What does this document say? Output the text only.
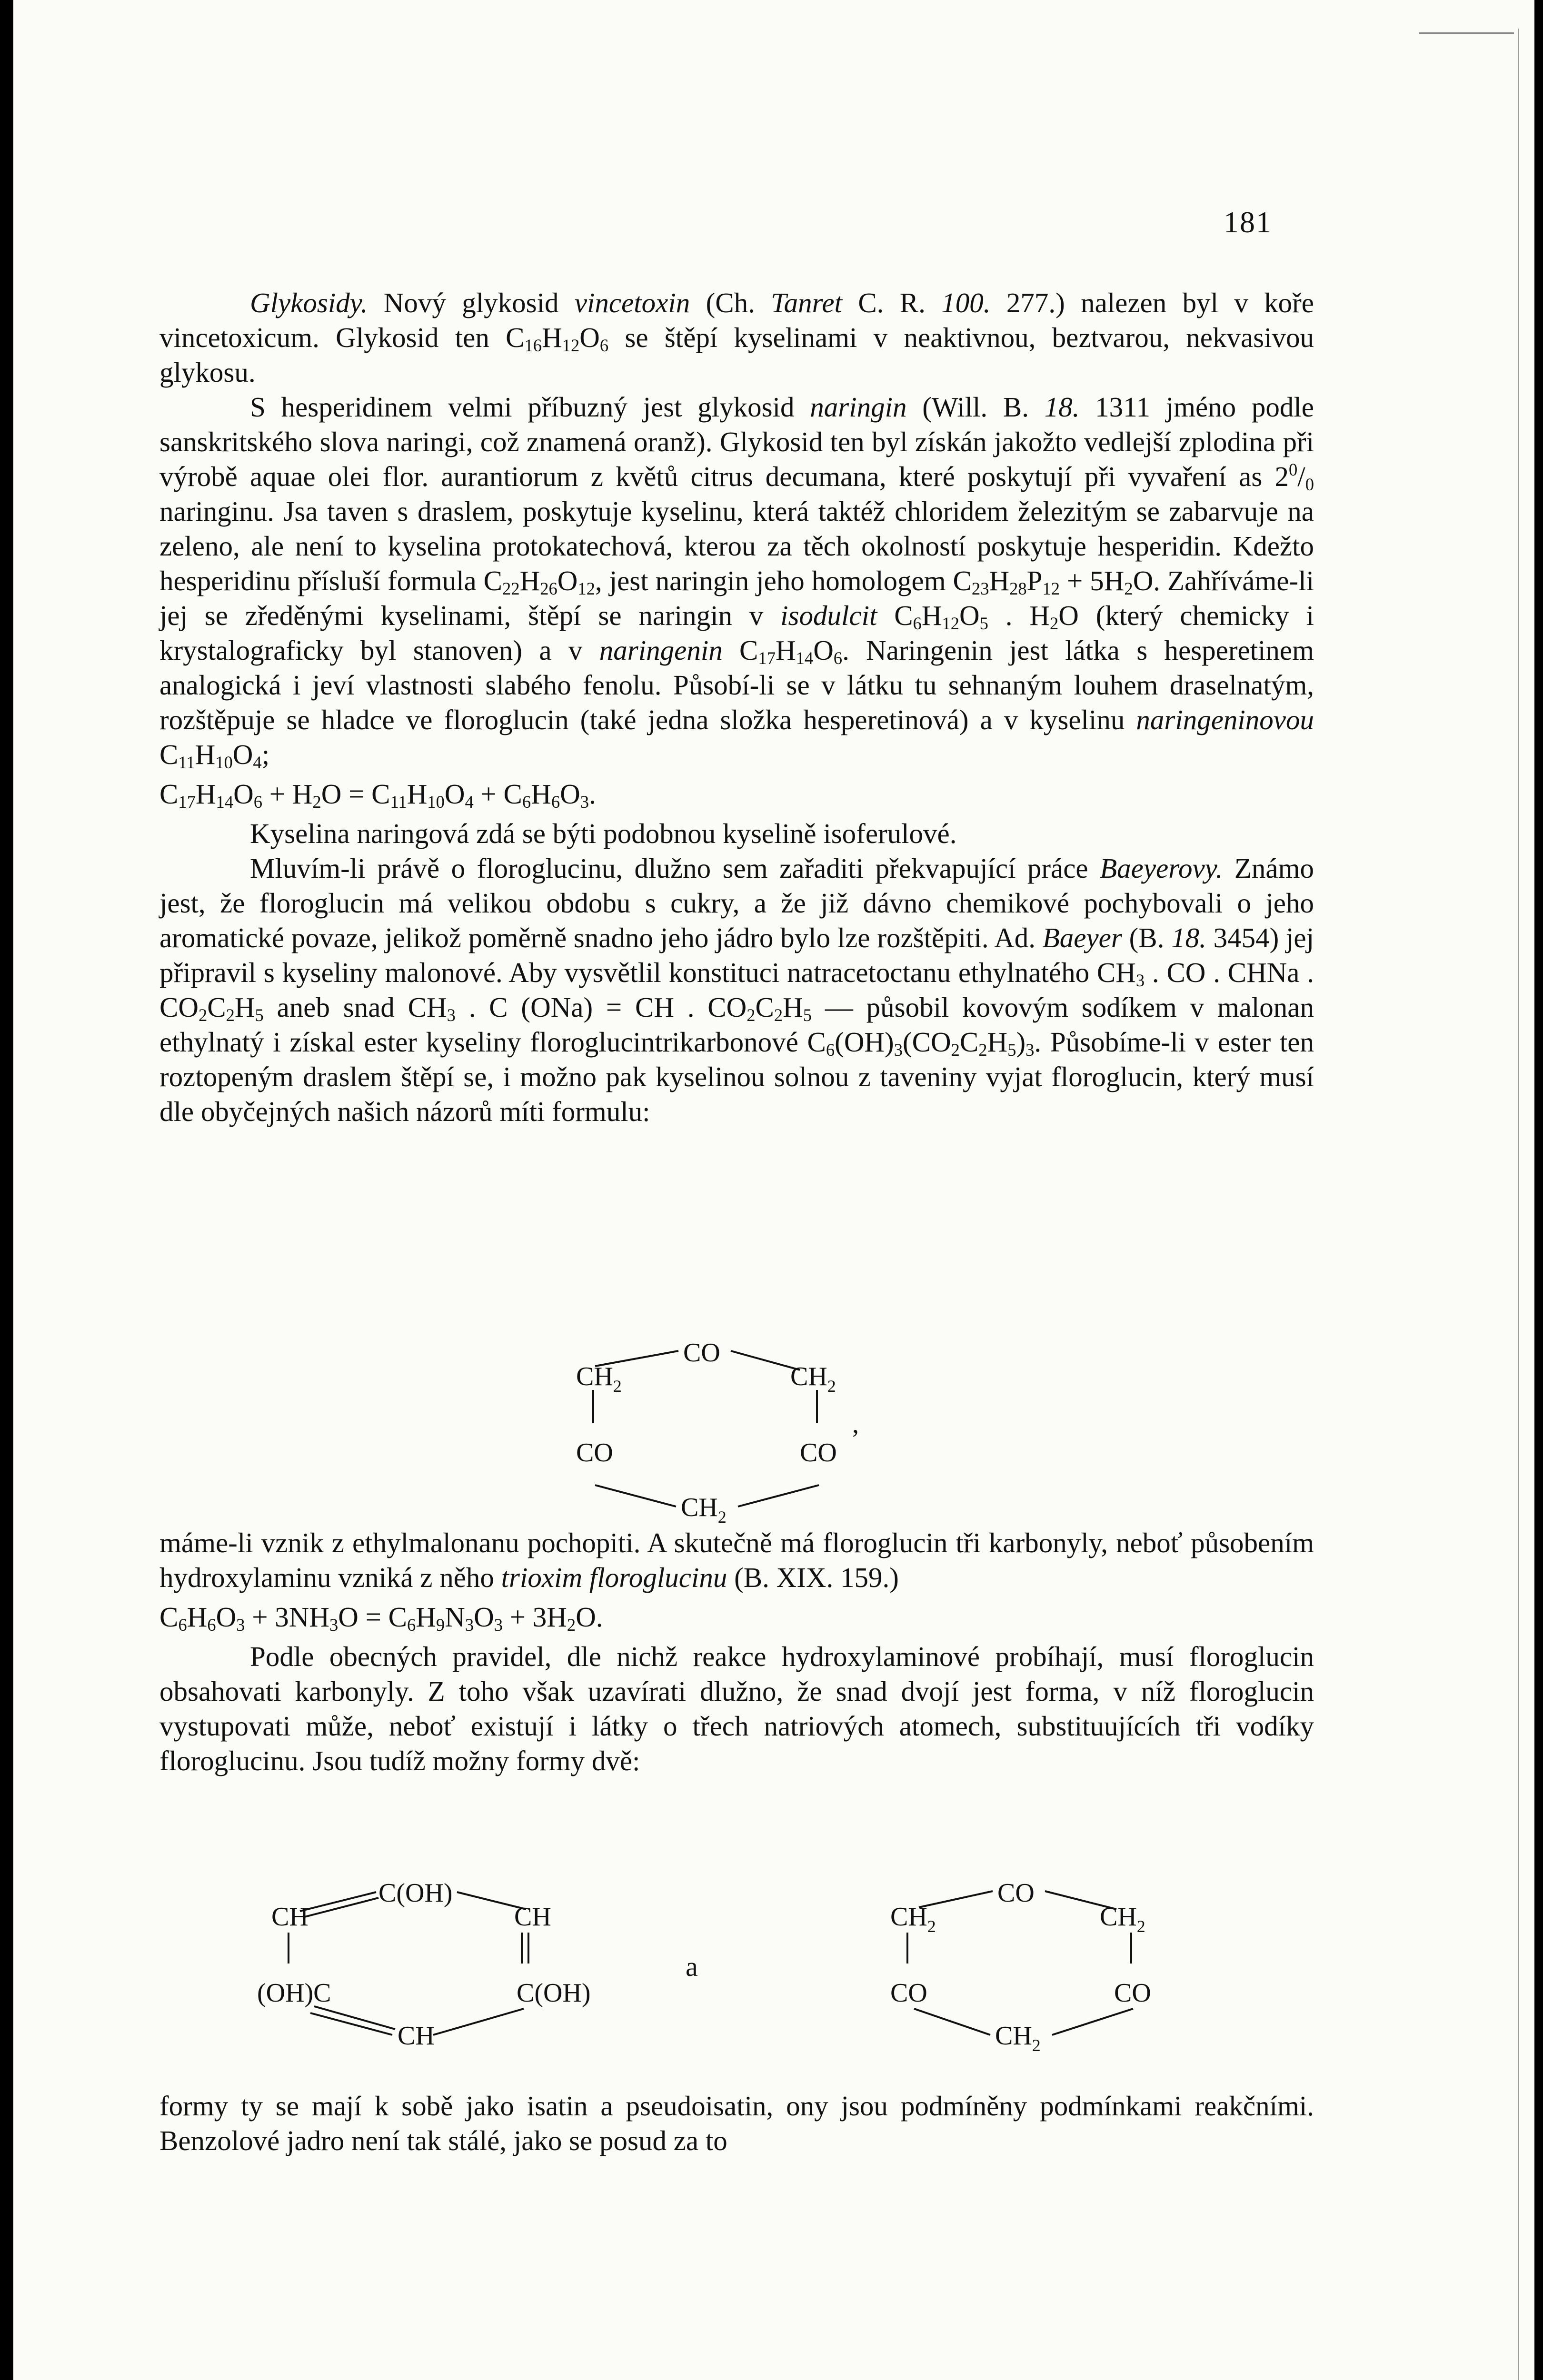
181

Glykosidy. Nový glykosid vincetoxin (Ch. Tanret C. R. 100. 277.) nalezen byl v kořе vincetoxicum. Glykosid ten $C_{16}H_{12}O_6$ se štěpí kyselinami v neaktivnou, beztvarou, nekvasivou glykosu.

S hesperidinem velmi příbuzný jest glykosid naringin (Will. B. 18. 1311 jméno podle sanskritského slova naringi, což znamená oranž). Glykosid ten byl získán jakožto vedlejší zplodina při výrobě aquae olei flor. aurantiorum z květů citrus decumana, které poskytují při vyvaření as $2^0/_0$ naringinu. Jsa taven s draslem, poskytuje kyselinu, která taktéž chloridem železitým se zabarvuje na zeleno, ale není to kyselina protokatechová, kterou za těch okolností poskytuje hesperidin. Kdežto hesperidinu přísluší formula $C_{22}H_{26}O_{12}$, jest naringin jeho homologem $C_{23}H_{28}P_{12} + 5H_2O$. Zahříváme-li jej se zředěnými kyselinami, štěpí se naringin v isodulcit $C_6H_{12}O_5$ . $H_2O$ (který chemicky i krystalograficky byl stanoven) a v naringenin $C_{17}H_{14}O_6$. Naringenin jest látka s hesperetinem analogická i jeví vlastnosti slabého fenolu. Působí-li se v látku tu sehnaným louhem draselnatým, rozštěpuje se hladce ve floroglucin (také jedna složka hesperetinová) a v kyselinu naringeninovou $C_{11}H_{10}O_4$;

$C_{17}H_{14}O_6 + H_2O = C_{11}H_{10}O_4 + C_6H_6O_3$.

Kyselina naringová zdá se býti podobnou kyselině isoferulové.

Mluvím-li právě o floroglucinu, dlužno sem zařaditi překvapující práce Baeyerovy. Známo jest, že floroglucin má velikou obdobu s cukry, a že již dávno chemikové pochybovali o jeho aromatické povaze, jelikož poměrně snadno jeho jádro bylo lze rozštěpiti. Ad. Baeyer (B. 18. 3454) jej připravil s kyseliny malonové. Aby vysvětlil konstituci natracetoctanu ethylnatého $CH_3$ . CO . CHNa . $CO_2C_2H_5$ aneb snad $CH_3$ . C (ONa) = CH . $CO_2C_2H_5$ — působil kovovým sodíkem v malonan ethylnatý i získal ester kyseliny floroglucintrikarbonové $C_6(OH)_3(CO_2C_2H_5)_3$. Působíme-li v ester ten roztopeným draslem štěpí se, i možno pak kyselinou solnou z taveniny vyjat floroglucin, který musí dle obyčejných našich názorů míti formulu:

CO
$CH_2$	$CH_2$
CO	CO
$CH_2$
,

máme-li vznik z ethylmalonanu pochopiti. A skutečně má floroglucin tři karbonyly, neboť působením hydroxylaminu vzniká z něho trioxim floroglucinu (B. XIX. 159.)

$C_6H_6O_3 + 3NH_3O = C_6H_9N_3O_3 + 3H_2O$.

Podle obecných pravidel, dle nichž reakce hydroxylaminové probíhají, musí floroglucin obsahovati karbonyly. Z toho však uzavírati dlužno, že snad dvojí jest forma, v níž floroglucin vystupovati může, neboť existují i látky o třech natriových atomech, substituujících tři vodíky floroglucinu. Jsou tudíž možny formy dvě:

C(OH)
CH	CH
(OH)C	C(OH)
CH
a
CO
$CH_2$	$CH_2$
CO	CO
$CH_2$

formy ty se mají k sobě jako isatin a pseudoisatin, ony jsou podmíněny podmínkami reakčními. Benzolové jadro není tak stálé, jako se posud za to
